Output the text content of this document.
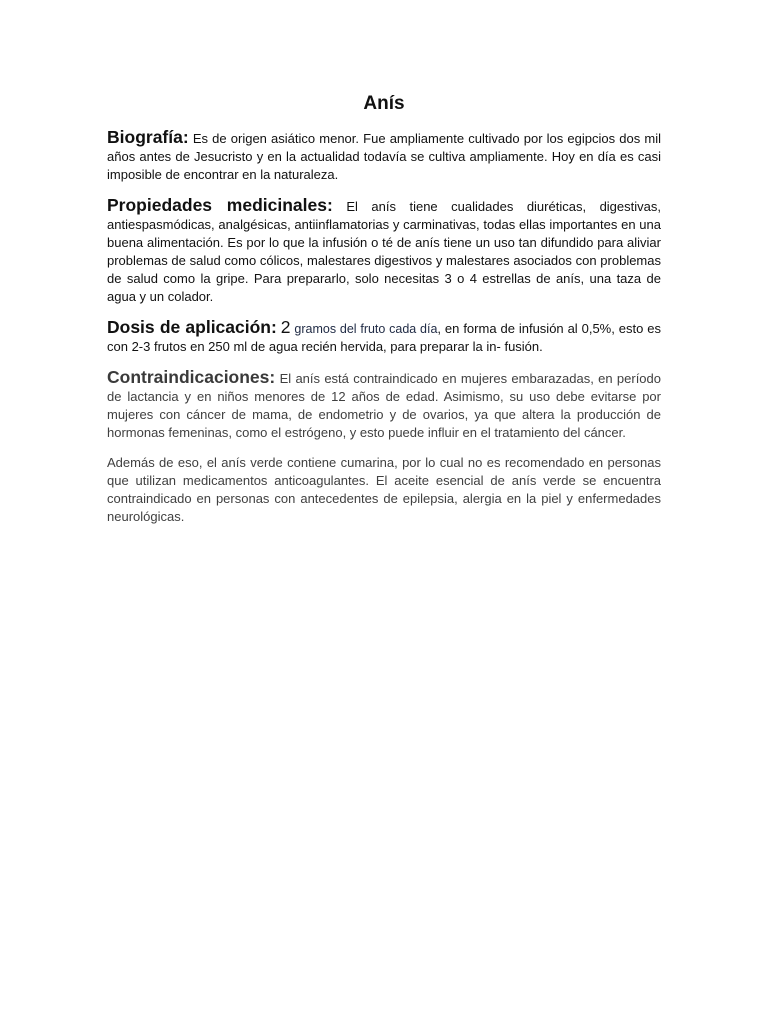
Anís

Biografía: Es de origen asiático menor. Fue ampliamente cultivado por los egipcios dos mil años antes de Jesucristo y en la actualidad todavía se cultiva ampliamente. Hoy en día es casi imposible de encontrar en la naturaleza.

Propiedades medicinales: El anís tiene cualidades diuréticas, digestivas, antiespasmódicas, analgésicas, antiinflamatorias y carminativas, todas ellas importantes en una buena alimentación. Es por lo que la infusión o té de anís tiene un uso tan difundido para aliviar problemas de salud como cólicos, malestares digestivos y malestares asociados con problemas de salud como la gripe. Para prepararlo, solo necesitas 3 o 4 estrellas de anís, una taza de agua y un colador.

Dosis de aplicación: 2 gramos del fruto cada día, en forma de infusión al 0,5%, esto es con 2-3 frutos en 250 ml de agua recién hervida, para preparar la in- fusión.

Contraindicaciones: El anís está contraindicado en mujeres embarazadas, en período de lactancia y en niños menores de 12 años de edad. Asimismo, su uso debe evitarse por mujeres con cáncer de mama, de endometrio y de ovarios, ya que altera la producción de hormonas femeninas, como el estrógeno, y esto puede influir en el tratamiento del cáncer.

Además de eso, el anís verde contiene cumarina, por lo cual no es recomendado en personas que utilizan medicamentos anticoagulantes. El aceite esencial de anís verde se encuentra contraindicado en personas con antecedentes de epilepsia, alergia en la piel y enfermedades neurológicas.
